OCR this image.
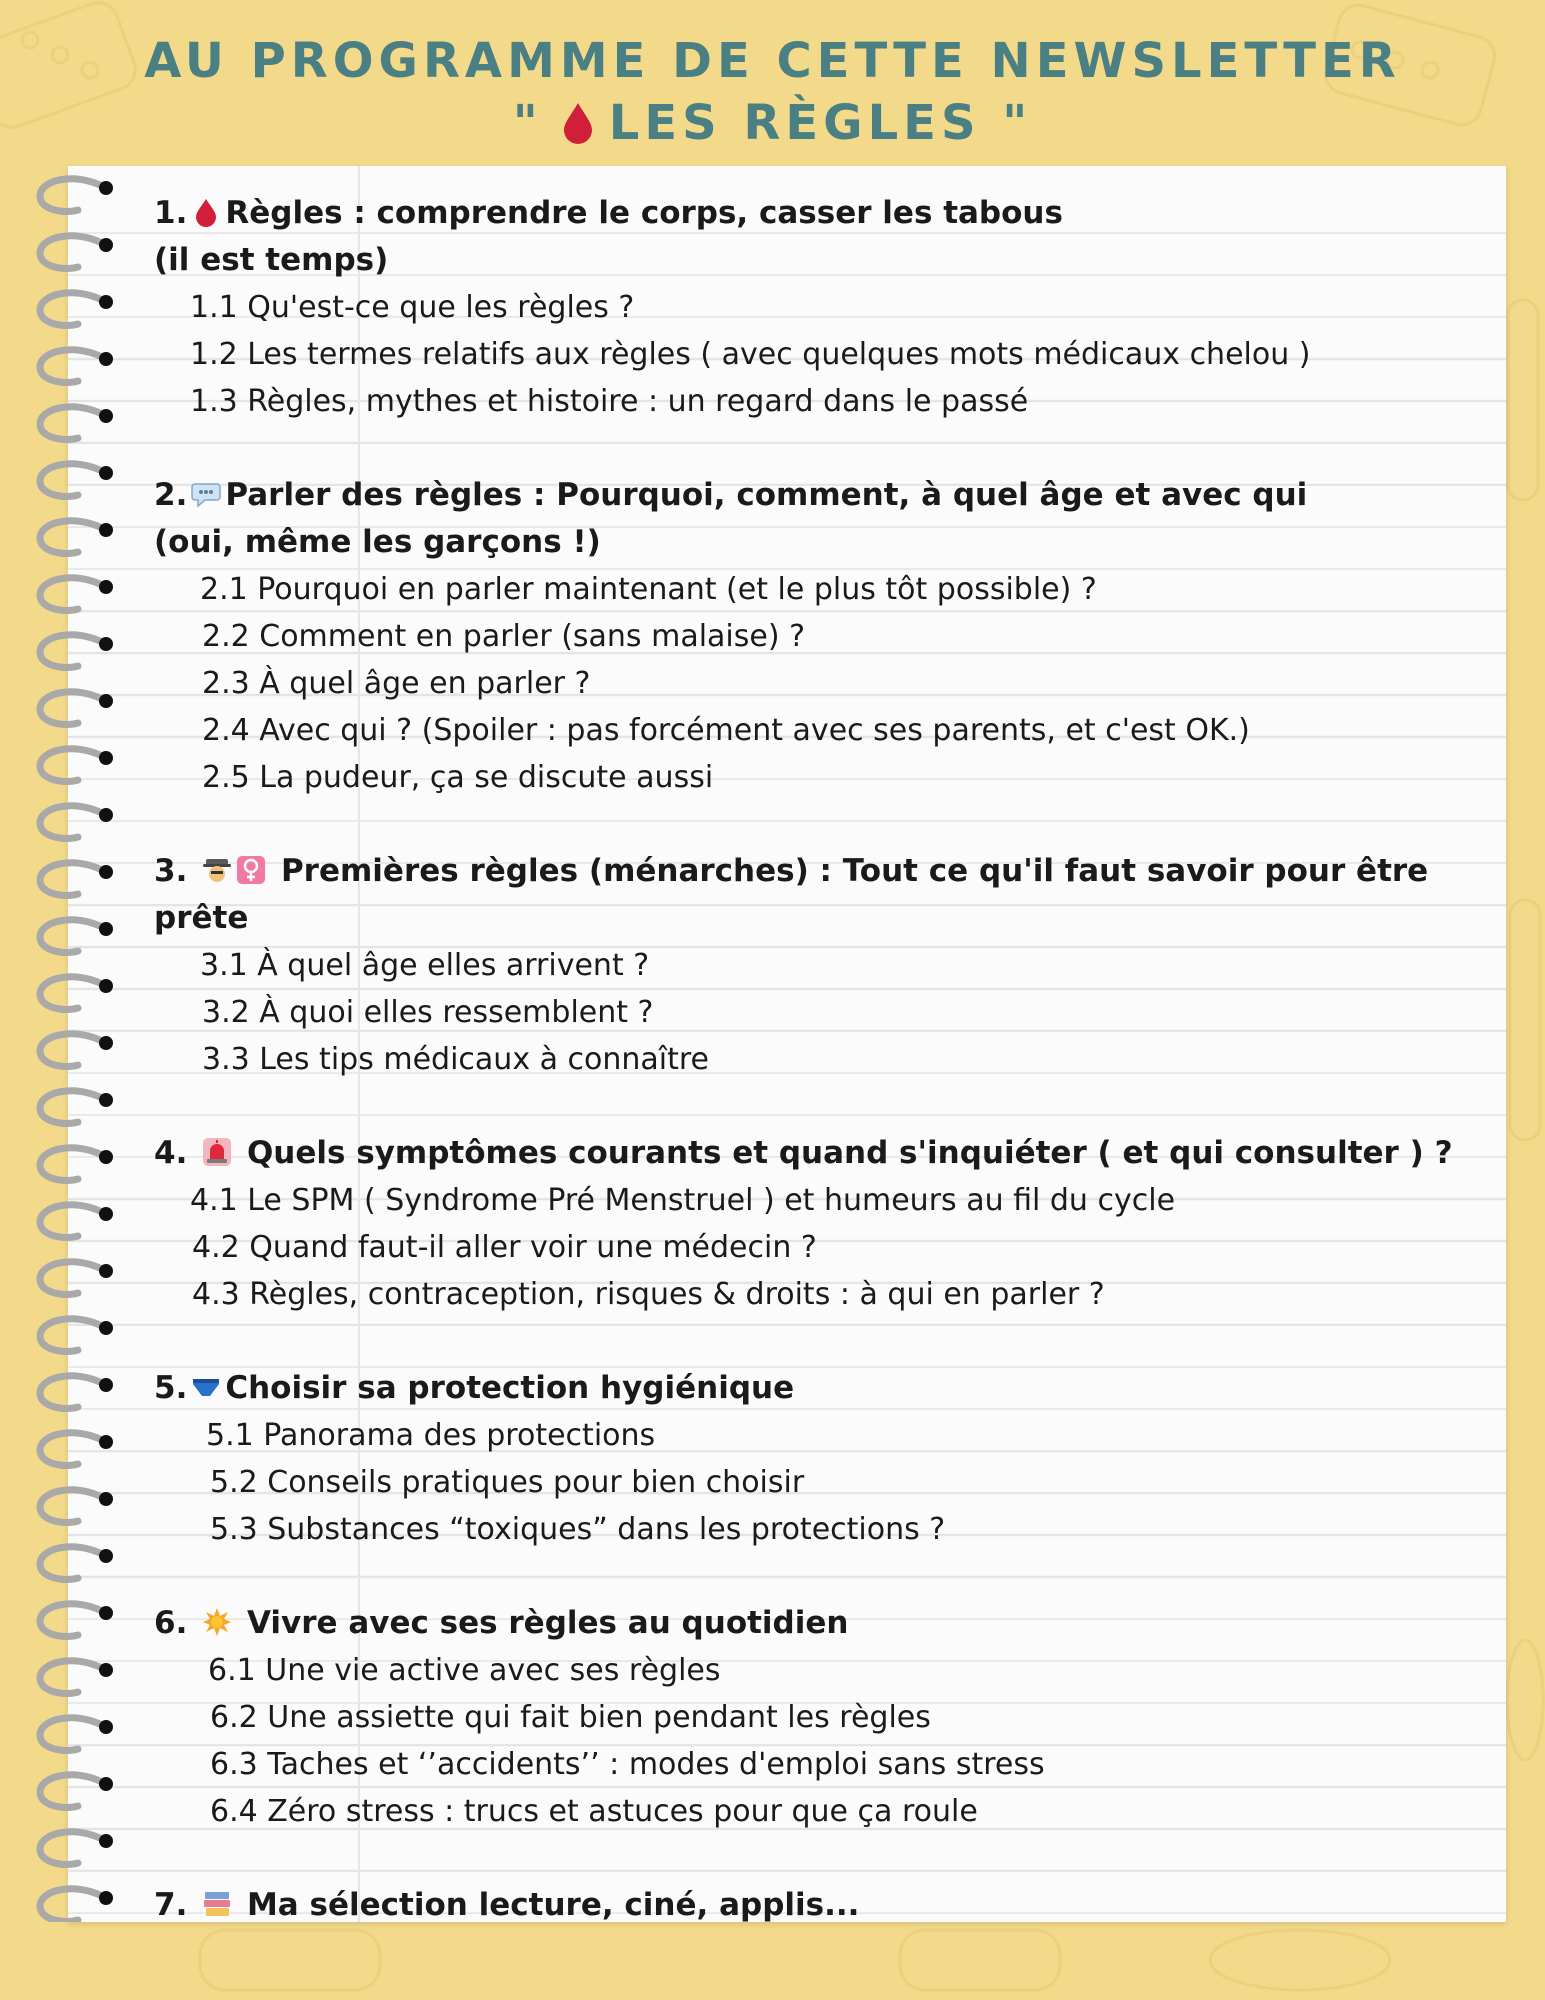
AU PROGRAMME DE CETTE NEWSLETTER
" LES RÈGLES "
1. Règles : comprendre le corps, casser les tabous
(il est temps)
1.1 Qu'est-ce que les règles ?
1.2 Les termes relatifs aux règles ( avec quelques mots médicaux chelou )
1.3 Règles, mythes et histoire : un regard dans le passé
2. Parler des règles : Pourquoi, comment, à quel âge et avec qui
(oui, même les garçons !)
2.1 Pourquoi en parler maintenant (et le plus tôt possible) ?
2.2 Comment en parler (sans malaise) ?
2.3 À quel âge en parler ?
2.4 Avec qui ? (Spoiler : pas forcément avec ses parents, et c'est OK.)
2.5 La pudeur, ça se discute aussi
3.	Premières règles (ménarches) : Tout ce qu'il faut savoir pour être prête
3.1 À quel âge elles arrivent ?
3.2 À quoi elles ressemblent ?
3.3 Les tips médicaux à connaître
4. Quels symptômes courants et quand s'inquiéter ( et qui consulter ) ?
4.1 Le SPM ( Syndrome Pré Menstruel ) et humeurs au fil du cycle
4.2 Quand faut-il aller voir une médecin ?
4.3 Règles, contraception, risques & droits : à qui en parler ?
5. Choisir sa protection hygiénique
5.1 Panorama des protections
5.2 Conseils pratiques pour bien choisir
5.3 Substances “toxiques” dans les protections ?
6. Vivre avec ses règles au quotidien
6.1 Une vie active avec ses règles
6.2 Une assiette qui fait bien pendant les règles
6.3 Taches et ‘’accidents’’ : modes d'emploi sans stress
6.4 Zéro stress : trucs et astuces pour que ça roule
7. Ma sélection lecture, ciné, applis...
